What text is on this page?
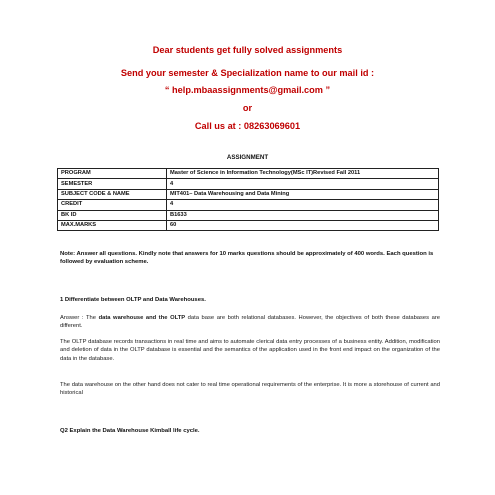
Dear students get fully solved assignments
Send your semester & Specialization name to our mail id :
“ help.mbaassignments@gmail.com ”
or
Call us at : 08263069601
ASSIGNMENT
PROGRAM	Master of Science in Information Technology(MSc IT)Revised Fall 2011
SEMESTER	4
SUBJECT CODE & NAME	MIT401– Data Warehousing and Data Mining
CREDIT	4
BK ID	B1633
MAX.MARKS	60
Note: Answer all questions. Kindly note that answers for 10 marks questions should be approximately of 400 words. Each question is followed by evaluation scheme.
1 Differentiate between OLTP and Data Warehouses.
Answer : The data warehouse and the OLTP data base are both relational databases. However, the objectives of both these databases are different.
The OLTP database records transactions in real time and aims to automate clerical data entry processes of a business entity. Addition, modification and deletion of data in the OLTP database is essential and the semantics of the application used in the front end impact on the organization of the data in the database.
The data warehouse on the other hand does not cater to real time operational requirements of the enterprise. It is more a storehouse of current and historical
Q2 Explain the Data Warehouse Kimball life cycle.
